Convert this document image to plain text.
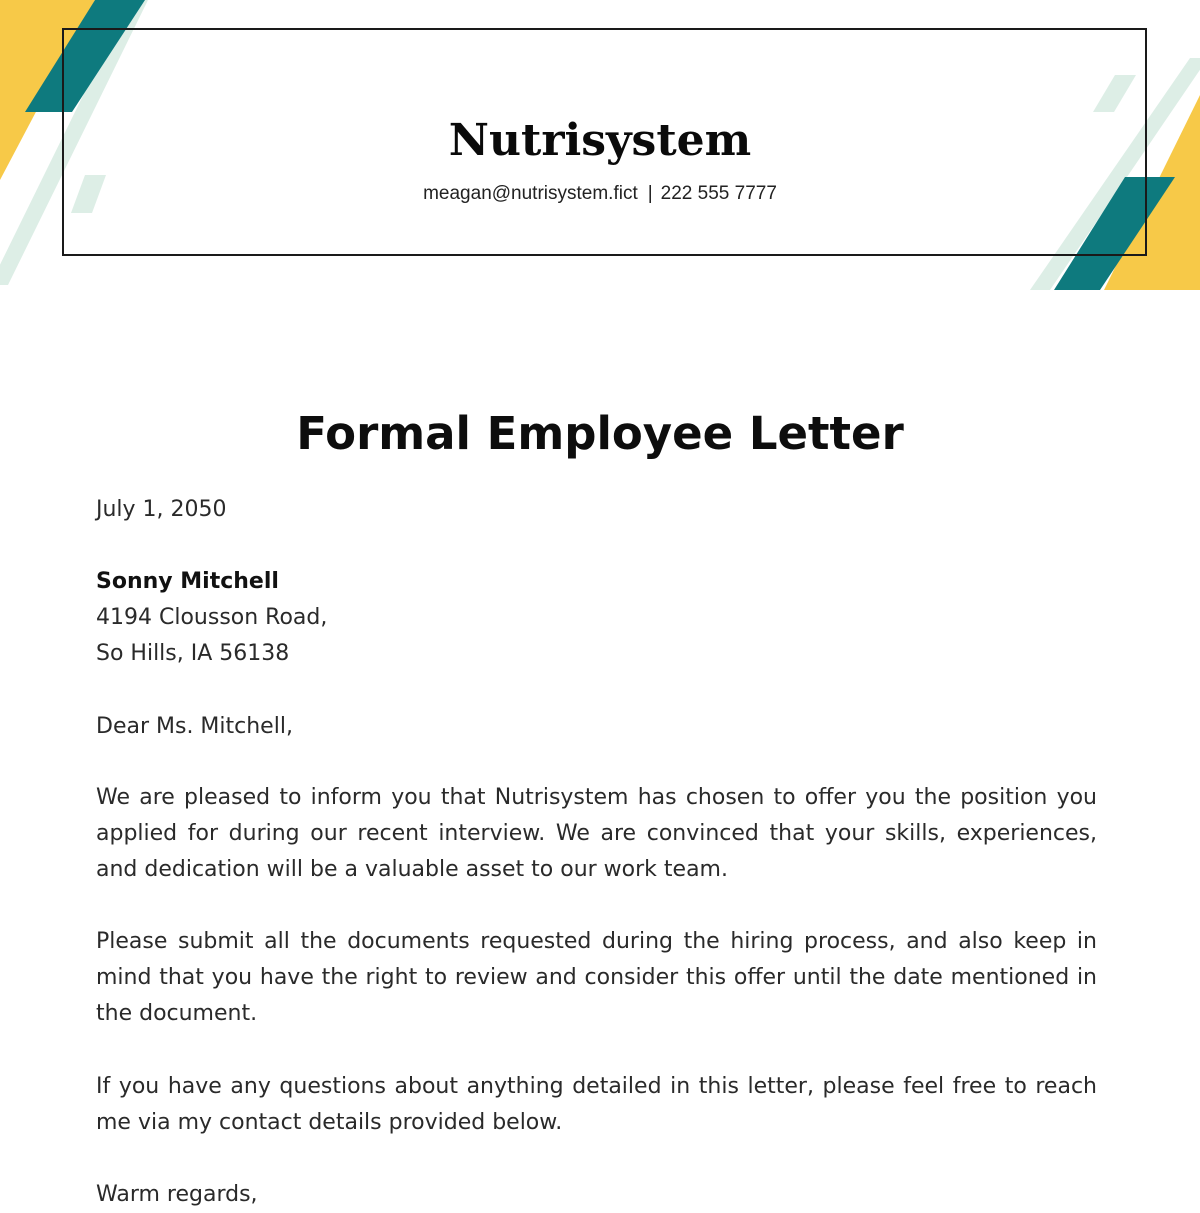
Nutrisystem
meagan@nutrisystem.fict | 222 555 7777
Formal Employee Letter
July 1, 2050
Sonny Mitchell
4194 Clousson Road,
So Hills, IA 56138
Dear Ms. Mitchell,

We are pleased to inform you that Nutrisystem has chosen to offer you the position you applied for during our recent interview. We are convinced that your skills, experiences, and dedication will be a valuable asset to our work team.

Please submit all the documents requested during the hiring process, and also keep in mind that you have the right to review and consider this offer until the date mentioned in the document.

If you have any questions about anything detailed in this letter, please feel free to reach me via my contact details provided below.

Warm regards,
